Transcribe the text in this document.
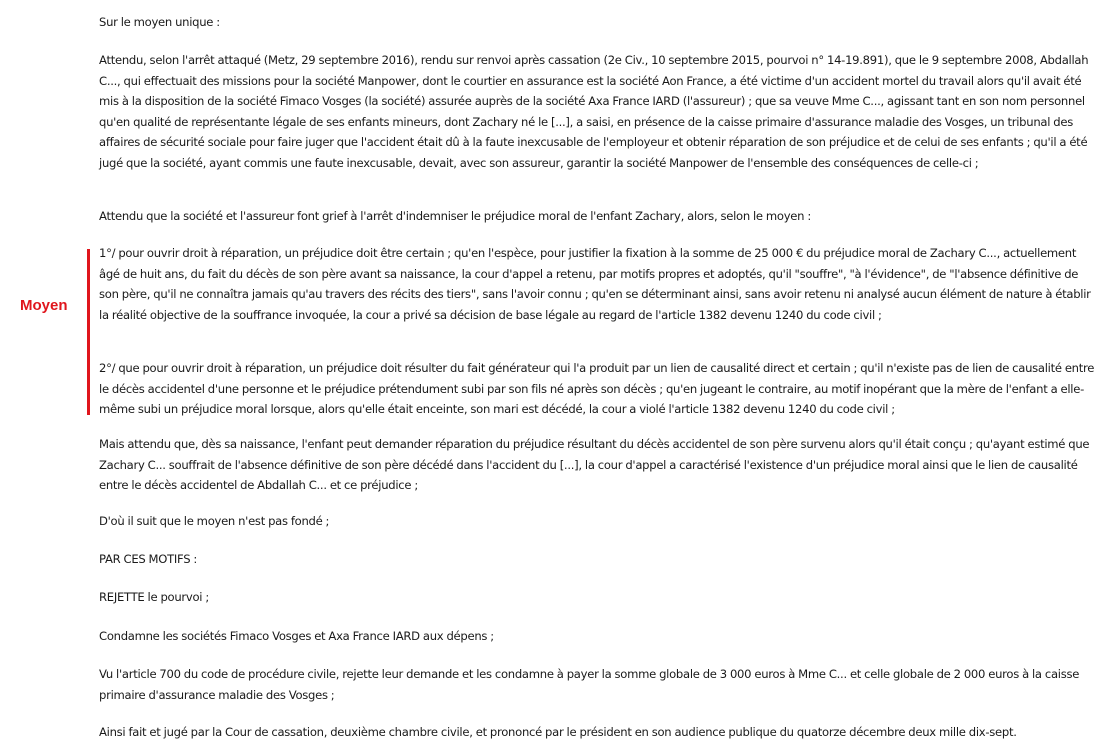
Moyen

Sur le moyen unique :

Attendu, selon l'arrêt attaqué (Metz, 29 septembre 2016), rendu sur renvoi après cassation (2e Civ., 10 septembre 2015, pourvoi n° 14-19.891), que le 9 septembre 2008, Abdallah C..., qui effectuait des missions pour la société Manpower, dont le courtier en assurance est la société Aon France, a été victime d'un accident mortel du travail alors qu'il avait été mis à la disposition de la société Fimaco Vosges (la société) assurée auprès de la société Axa France IARD (l'assureur) ; que sa veuve Mme C..., agissant tant en son nom personnel qu'en qualité de représentante légale de ses enfants mineurs, dont Zachary né le [...], a saisi, en présence de la caisse primaire d'assurance maladie des Vosges, un tribunal des affaires de sécurité sociale pour faire juger que l'accident était dû à la faute inexcusable de l'employeur et obtenir réparation de son préjudice et de celui de ses enfants ; qu'il a été jugé que la société, ayant commis une faute inexcusable, devait, avec son assureur, garantir la société Manpower de l'ensemble des conséquences de celle-ci ;

Attendu que la société et l'assureur font grief à l'arrêt d'indemniser le préjudice moral de l'enfant Zachary, alors, selon le moyen :

1°/ pour ouvrir droit à réparation, un préjudice doit être certain ; qu'en l'espèce, pour justifier la fixation à la somme de 25 000 € du préjudice moral de Zachary C..., actuellement âgé de huit ans, du fait du décès de son père avant sa naissance, la cour d'appel a retenu, par motifs propres et adoptés, qu'il "souffre", "à l'évidence", de "l'absence définitive de son père, qu'il ne connaîtra jamais qu'au travers des récits des tiers", sans l'avoir connu ; qu'en se déterminant ainsi, sans avoir retenu ni analysé aucun élément de nature à établir la réalité objective de la souffrance invoquée, la cour a privé sa décision de base légale au regard de l'article 1382 devenu 1240 du code civil ;

2°/ que pour ouvrir droit à réparation, un préjudice doit résulter du fait générateur qui l'a produit par un lien de causalité direct et certain ; qu'il n'existe pas de lien de causalité entre le décès accidentel d'une personne et le préjudice prétendument subi par son fils né après son décès ; qu'en jugeant le contraire, au motif inopérant que la mère de l'enfant a elle-même subi un préjudice moral lorsque, alors qu'elle était enceinte, son mari est décédé, la cour a violé l'article 1382 devenu 1240 du code civil ;

Mais attendu que, dès sa naissance, l'enfant peut demander réparation du préjudice résultant du décès accidentel de son père survenu alors qu'il était conçu ; qu'ayant estimé que Zachary C... souffrait de l'absence définitive de son père décédé dans l'accident du [...], la cour d'appel a caractérisé l'existence d'un préjudice moral ainsi que le lien de causalité entre le décès accidentel de Abdallah C... et ce préjudice ;

D'où il suit que le moyen n'est pas fondé ;

PAR CES MOTIFS :

REJETTE le pourvoi ;

Condamne les sociétés Fimaco Vosges et Axa France IARD aux dépens ;

Vu l'article 700 du code de procédure civile, rejette leur demande et les condamne à payer la somme globale de 3 000 euros à Mme C... et celle globale de 2 000 euros à la caisse primaire d'assurance maladie des Vosges ;

Ainsi fait et jugé par la Cour de cassation, deuxième chambre civile, et prononcé par le président en son audience publique du quatorze décembre deux mille dix-sept.
